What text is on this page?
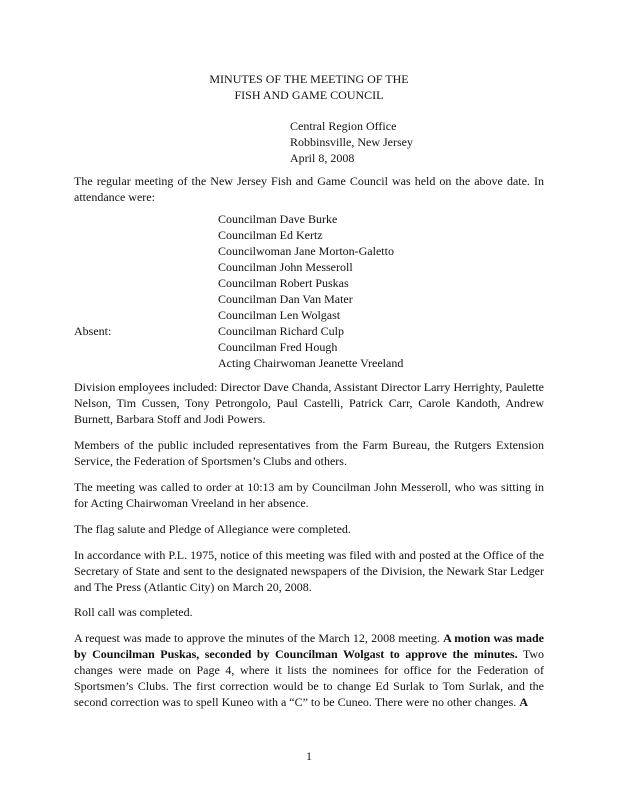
MINUTES OF THE MEETING OF THE
FISH AND GAME COUNCIL
Central Region Office
Robbinsville, New Jersey
April 8, 2008
The regular meeting of the New Jersey Fish and Game Council was held on the above date. In attendance were:
Councilman Dave Burke
Councilman Ed Kertz
Councilwoman Jane Morton-Galetto
Councilman John Messeroll
Councilman Robert Puskas
Councilman Dan Van Mater
Councilman Len Wolgast
Absent:	Councilman Richard Culp
Councilman Fred Hough
Acting Chairwoman Jeanette Vreeland
Division employees included: Director Dave Chanda, Assistant Director Larry Herrighty, Paulette Nelson, Tim Cussen, Tony Petrongolo, Paul Castelli, Patrick Carr, Carole Kandoth, Andrew Burnett, Barbara Stoff and Jodi Powers.
Members of the public included representatives from the Farm Bureau, the Rutgers Extension Service, the Federation of Sportsmen’s Clubs and others.
The meeting was called to order at 10:13 am by Councilman John Messeroll, who was sitting in for Acting Chairwoman Vreeland in her absence.
The flag salute and Pledge of Allegiance were completed.
In accordance with P.L. 1975, notice of this meeting was filed with and posted at the Office of the Secretary of State and sent to the designated newspapers of the Division, the Newark Star Ledger and The Press (Atlantic City) on March 20, 2008.
Roll call was completed.
A request was made to approve the minutes of the March 12, 2008 meeting. A motion was made by Councilman Puskas, seconded by Councilman Wolgast to approve the minutes. Two changes were made on Page 4, where it lists the nominees for office for the Federation of Sportsmen’s Clubs. The first correction would be to change Ed Surlak to Tom Surlak, and the second correction was to spell Kuneo with a “C” to be Cuneo. There were no other changes. A
1
